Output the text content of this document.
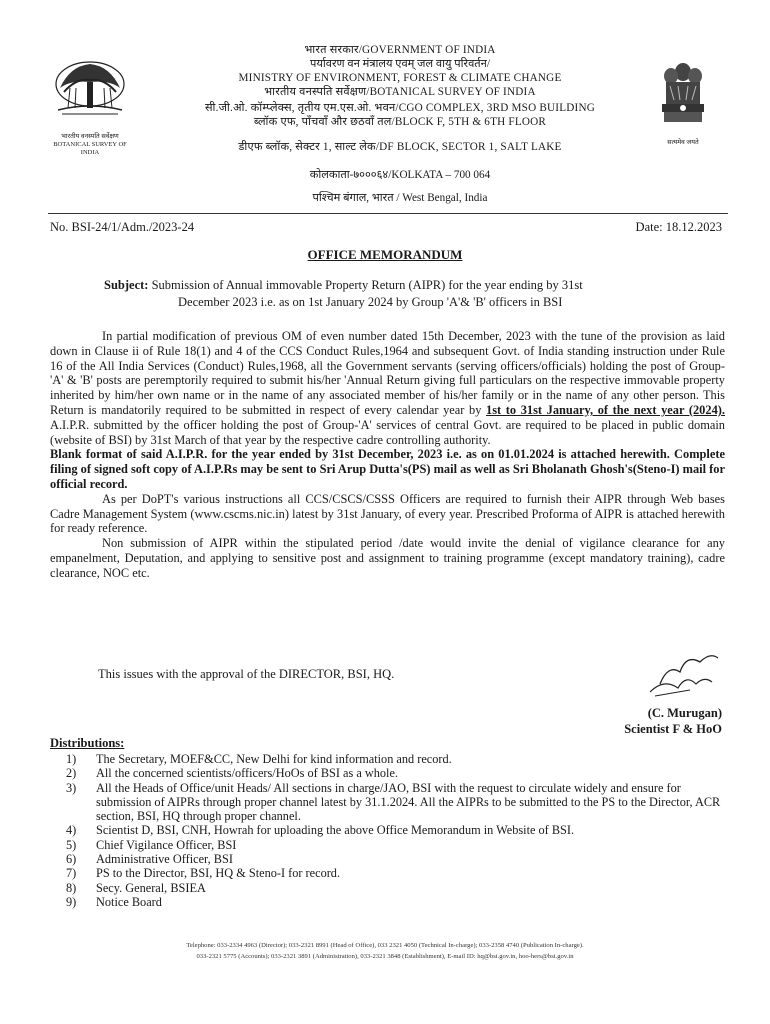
भारतीय वनस्पति सर्वेक्षण
BOTANICAL SURVEY OF INDIA
सत्यमेव जयते
भारत सरकार/GOVERNMENT OF INDIA
पर्यावरण वन मंत्रालय एवम् जल वायु परिवर्तन/
MINISTRY OF ENVIRONMENT, FOREST & CLIMATE CHANGE
भारतीय वनस्पति सर्वेक्षण/BOTANICAL SURVEY OF INDIA
सी.जी.ओ. कॉम्प्लेक्स, तृतीय एम.एस.ओ. भवन/CGO COMPLEX, 3RD MSO BUILDING
ब्लॉक एफ, पाँचवाँ और छठवाँ तल/BLOCK F, 5TH & 6TH FLOOR
डीएफ ब्लॉक, सेक्टर 1, साल्ट लेक/DF BLOCK, SECTOR 1, SALT LAKE
कोलकाता-७०००६४/KOLKATA – 700 064
पश्चिम बंगाल, भारत / West Bengal, India
No. BSI-24/1/Adm./2023-24	Date: 18.12.2023
OFFICE MEMORANDUM
Subject: Submission of Annual immovable Property Return (AIPR) for the year ending by 31st
December 2023 i.e. as on 1st January 2024 by Group 'A'& 'B' officers in BSI

In partial modification of previous OM of even number dated 15th December, 2023 with the tune of the provision as laid down in Clause ii of Rule 18(1) and 4 of the CCS Conduct Rules,1964 and subsequent Govt. of India standing instruction under Rule 16 of the All India Services (Conduct) Rules,1968, all the Government servants (serving officers/officials) holding the post of Group-'A' & 'B' posts are peremptorily required to submit his/her 'Annual Return giving full particulars on the respective immovable property inherited by him/her own name or in the name of any associated member of his/her family or in the name of any other person. This Return is mandatorily required to be submitted in respect of every calendar year by 1st to 31st January, of the next year (2024). A.I.P.R. submitted by the officer holding the post of Group-'A' services of central Govt. are required to be placed in public domain (website of BSI) by 31st March of that year by the respective cadre controlling authority.

Blank format of said A.I.P.R. for the year ended by 31st December, 2023 i.e. as on 01.01.2024 is attached herewith. Complete filing of signed soft copy of A.I.P.Rs may be sent to Sri Arup Dutta's(PS) mail as well as Sri Bholanath Ghosh's(Steno-I) mail for official record.

As per DoPT's various instructions all CCS/CSCS/CSSS Officers are required to furnish their AIPR through Web bases Cadre Management System (www.cscms.nic.in) latest by 31st January, of every year. Prescribed Proforma of AIPR is attached herewith for ready reference.

Non submission of AIPR within the stipulated period /date would invite the denial of vigilance clearance for any empanelment, Deputation, and applying to sensitive post and assignment to training programme (except mandatory training), cadre clearance, NOC etc.

This issues with the approval of the DIRECTOR, BSI, HQ.
(C. Murugan)
Scientist F & HoO
Distributions:
1)	The Secretary, MOEF&CC, New Delhi for kind information and record.
2)	All the concerned scientists/officers/HoOs of BSI as a whole.
3)	All the Heads of Office/unit Heads/ All sections in charge/JAO, BSI with the request to circulate widely and ensure for submission of AIPRs through proper channel latest by 31.1.2024. All the AIPRs to be submitted to the PS to the Director, ACR section, BSI, HQ through proper channel.
4)	Scientist D, BSI, CNH, Howrah for uploading the above Office Memorandum in Website of BSI.
5)	Chief Vigilance Officer, BSI
6)	Administrative Officer, BSI
7)	PS to the Director, BSI, HQ & Steno-I for record.
8)	Secy. General, BSIEA
9)	Notice Board
Telephone: 033-2334 4963 (Director); 033-2321 8991 (Head of Office), 033 2321 4050 (Technical In-charge); 033-2358 4740 (Publication In-charge).
033-2321 5775 (Accounts); 033-2321 3891 (Administration), 033-2321 3848 (Establishment), E-mail ID: hq@bsi.gov.in, hoo-hers@bsi.gov.in
